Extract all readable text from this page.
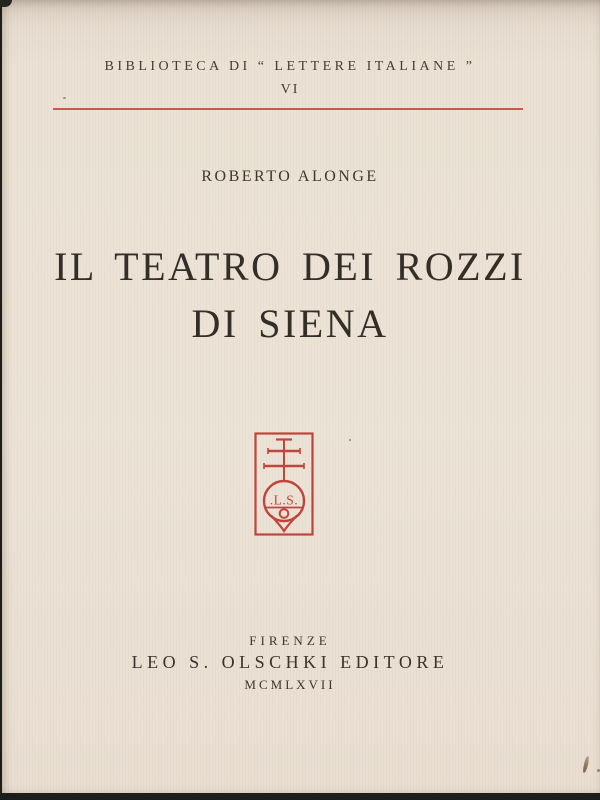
BIBLIOTECA DI “ LETTERE ITALIANE ”
VI
ROBERTO ALONGE
IL TEATRO DEI ROZZI
DI SIENA
.L.S.
FIRENZE
LEO S. OLSCHKI EDITORE
MCMLXVII
